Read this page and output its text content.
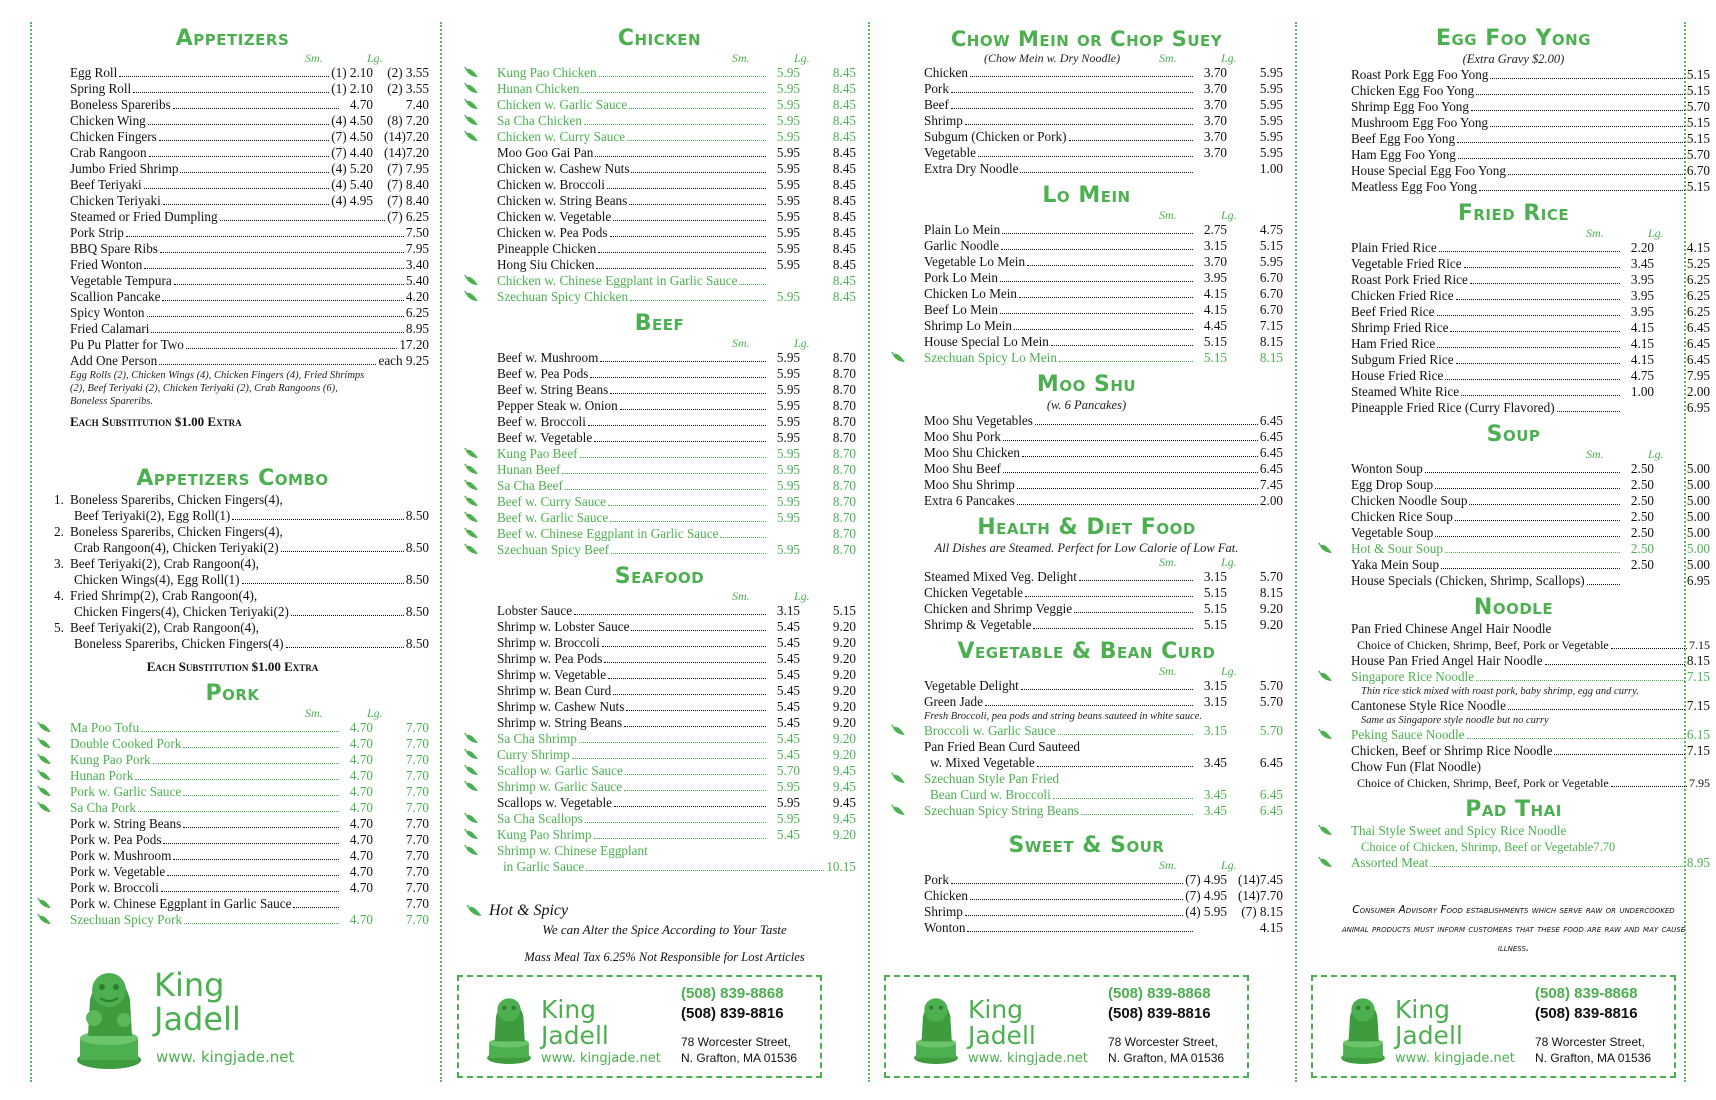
Appetizers
Sm.	Lg.
Egg Roll	(1) 2.10	(2) 3.55
Spring Roll	(1) 2.10	(2) 3.55
Boneless Spareribs	4.70	7.40
Chicken Wing	(4) 4.50	(8) 7.20
Chicken Fingers	(7) 4.50 (14)7.20
Crab Rangoon	(7) 4.40 (14)7.20
Jumbo Fried Shrimp	(4) 5.20	(7) 7.95
Beef Teriyaki	(4) 5.40	(7) 8.40
Chicken Teriyaki	(4) 4.95	(7) 8.40
Steamed or Fried Dumpling	(7) 6.25
Pork Strip	7.50
BBQ Spare Ribs	7.95
Fried Wonton	3.40
Vegetable Tempura	5.40
Scallion Pancake	4.20
Spicy Wonton	6.25
Fried Calamari	8.95
Pu Pu Platter for Two	17.20
Add One Person	each 9.25
Egg Rolls (2), Chicken Wings (4), Chicken Fingers (4), Fried Shrimps (2), Beef Teriyaki (2), Chicken Teriyaki (2), Crab Rangoons (6), Boneless Spareribs.
Each Substitution $1.00 Extra
Appetizers Combo
1. Boneless Spareribs, Chicken Fingers(4),
Beef Teriyaki(2), Egg Roll(1)	8.50
2. Boneless Spareribs, Chicken Fingers(4),
Crab Rangoon(4), Chicken Teriyaki(2)	8.50
3. Beef Teriyaki(2), Crab Rangoon(4),
Chicken Wings(4), Egg Roll(1)	8.50
4. Fried Shrimp(2), Crab Rangoon(4),
Chicken Fingers(4), Chicken Teriyaki(2)	8.50
5. Beef Teriyaki(2), Crab Rangoon(4),
Boneless Spareribs, Chicken Fingers(4)	8.50
Each Substitution $1.00 Extra
Pork
Sm.	Lg.
Ma Poo Tofu	4.70	7.70
Double Cooked Pork	4.70	7.70
Kung Pao Pork	4.70	7.70
Hunan Pork	4.70	7.70
Pork w. Garlic Sauce	4.70	7.70
Sa Cha Pork	4.70	7.70
Pork w. String Beans	4.70	7.70
Pork w. Pea Pods	4.70	7.70
Pork w. Mushroom	4.70	7.70
Pork w. Vegetable	4.70	7.70
Pork w. Broccoli	4.70	7.70
Pork w. Chinese Eggplant in Garlic Sauce	7.70
Szechuan Spicy Pork	4.70	7.70
King
Jadell
www. kingjade.net
Chicken
Sm.	Lg.
Kung Pao Chicken	5.95	8.45
Hunan Chicken	5.95	8.45
Chicken w. Garlic Sauce	5.95	8.45
Sa Cha Chicken	5.95	8.45
Chicken w. Curry Sauce	5.95	8.45
Moo Goo Gai Pan	5.95	8.45
Chicken w. Cashew Nuts	5.95	8.45
Chicken w. Broccoli	5.95	8.45
Chicken w. String Beans	5.95	8.45
Chicken w. Vegetable	5.95	8.45
Chicken w. Pea Pods	5.95	8.45
Pineapple Chicken	5.95	8.45
Hong Siu Chicken	5.95	8.45
Chicken w. Chinese Eggplant in Garlic Sauce	8.45
Szechuan Spicy Chicken	5.95	8.45
Beef
Sm.	Lg.
Beef w. Mushroom	5.95	8.70
Beef w. Pea Pods	5.95	8.70
Beef w. String Beans	5.95	8.70
Pepper Steak w. Onion	5.95	8.70
Beef w. Broccoli	5.95	8.70
Beef w. Vegetable	5.95	8.70
Kung Pao Beef	5.95	8.70
Hunan Beef	5.95	8.70
Sa Cha Beef	5.95	8.70
Beef w. Curry Sauce	5.95	8.70
Beef w. Garlic Sauce	5.95	8.70
Beef w. Chinese Eggplant in Garlic Sauce	8.70
Szechuan Spicy Beef	5.95	8.70
Seafood
Sm.	Lg.
Lobster Sauce	3.15	5.15
Shrimp w. Lobster Sauce	5.45	9.20
Shrimp w. Broccoli	5.45	9.20
Shrimp w. Pea Pods	5.45	9.20
Shrimp w. Vegetable	5.45	9.20
Shrimp w. Bean Curd	5.45	9.20
Shrimp w. Cashew Nuts	5.45	9.20
Shrimp w. String Beans	5.45	9.20
Sa Cha Shrimp	5.45	9.20
Curry Shrimp	5.45	9.20
Scallop w. Garlic Sauce	5.70	9.45
Shrimp w. Garlic Sauce	5.95	9.45
Scallops w. Vegetable	5.95	9.45
Sa Cha Scallops	5.95	9.45
Kung Pao Shrimp	5.45	9.20
Shrimp w. Chinese Eggplant
in Garlic Sauce	10.15
Hot & Spicy
We can Alter the Spice According to Your Taste
Mass Meal Tax 6.25% Not Responsible for Lost Articles
Chow Mein or Chop Suey
(Chow Mein w. Dry Noodle)	Sm.	Lg.
Chicken	3.70	5.95
Pork	3.70	5.95
Beef	3.70	5.95
Shrimp	3.70	5.95
Subgum (Chicken or Pork)	3.70	5.95
Vegetable	3.70	5.95
Extra Dry Noodle	1.00
Lo Mein
Sm.	Lg.
Plain Lo Mein	2.75	4.75
Garlic Noodle	3.15	5.15
Vegetable Lo Mein	3.70	5.95
Pork Lo Mein	3.95	6.70
Chicken Lo Mein	4.15	6.70
Beef Lo Mein	4.15	6.70
Shrimp Lo Mein	4.45	7.15
House Special Lo Mein	5.15	8.15
Szechuan Spicy Lo Mein	5.15	8.15
Moo Shu
(w. 6 Pancakes)
Moo Shu Vegetables	6.45
Moo Shu Pork	6.45
Moo Shu Chicken	6.45
Moo Shu Beef	6.45
Moo Shu Shrimp	7.45
Extra 6 Pancakes	2.00
Health & Diet Food
All Dishes are Steamed. Perfect for Low Calorie of Low Fat.
Sm.	Lg.
Steamed Mixed Veg. Delight	3.15	5.70
Chicken Vegetable	5.15	8.15
Chicken and Shrimp Veggie	5.15	9.20
Shrimp & Vegetable	5.15	9.20
Vegetable & Bean Curd
Sm.	Lg.
Vegetable Delight	3.15	5.70
Green Jade	3.15	5.70
Fresh Broccoli, pea pods and string beans sauteed in white sauce.
Broccoli w. Garlic Sauce	3.15	5.70
Pan Fried Bean Curd Sauteed
w. Mixed Vegetable	3.45	6.45
Szechuan Style Pan Fried
Bean Curd w. Broccoli	3.45	6.45
Szechuan Spicy String Beans	3.45	6.45
Sweet & Sour
Sm.	Lg.
Pork	(7) 4.95 (14)7.45
Chicken	(7) 4.95 (14)7.70
Shrimp	(4) 5.95	(7) 8.15
Wonton	4.15
Egg Foo Yong
(Extra Gravy $2.00)
Roast Pork Egg Foo Yong	5.15
Chicken Egg Foo Yong	5.15
Shrimp Egg Foo Yong	5.70
Mushroom Egg Foo Yong	5.15
Beef Egg Foo Yong	5.15
Ham Egg Foo Yong	5.70
House Special Egg Foo Yong	6.70
Meatless Egg Foo Yong	5.15
Fried Rice
Sm.	Lg.
Plain Fried Rice	2.20	4.15
Vegetable Fried Rice	3.45	5.25
Roast Pork Fried Rice	3.95	6.25
Chicken Fried Rice	3.95	6.25
Beef Fried Rice	3.95	6.25
Shrimp Fried Rice	4.15	6.45
Ham Fried Rice	4.15	6.45
Subgum Fried Rice	4.15	6.45
House Fried Rice	4.75	7.95
Steamed White Rice	1.00	2.00
Pineapple Fried Rice (Curry Flavored)	6.95
Soup
Sm.	Lg.
Wonton Soup	2.50	5.00
Egg Drop Soup	2.50	5.00
Chicken Noodle Soup	2.50	5.00
Chicken Rice Soup	2.50	5.00
Vegetable Soup	2.50	5.00
Hot & Sour Soup	2.50	5.00
Yaka Mein Soup	2.50	5.00
House Specials (Chicken, Shrimp, Scallops)	6.95
Noodle
Pan Fried Chinese Angel Hair Noodle
Choice of Chicken, Shrimp, Beef, Pork or Vegetable	7.15
House Pan Fried Angel Hair Noodle	8.15
Singapore Rice Noodle	7.15
Thin rice stick mixed with roast pork, baby shrimp, egg and curry.
Cantonese Style Rice Noodle	7.15
Same as Singapore style noodle but no curry
Peking Sauce Noodle	6.15
Chicken, Beef or Shrimp Rice Noodle	7.15
Chow Fun (Flat Noodle)
Choice of Chicken, Shrimp, Beef, Pork or Vegetable	7.95
Pad Thai
Thai Style Sweet and Spicy Rice Noodle
Choice of Chicken, Shrimp, Beef or Vegetable 7.70
Assorted Meat	8.95
Consumer Advisory Food establishments which serve raw or undercooked animal products must inform customers that these food are raw and may cause illness.
King
Jadell
www. kingjade.net
(508) 839-8868
(508) 839-8816
78 Worcester Street,
N. Grafton, MA 01536
King
Jadell
www. kingjade.net
(508) 839-8868
(508) 839-8816
78 Worcester Street,
N. Grafton, MA 01536
King
Jadell
www. kingjade.net
(508) 839-8868
(508) 839-8816
78 Worcester Street,
N. Grafton, MA 01536
